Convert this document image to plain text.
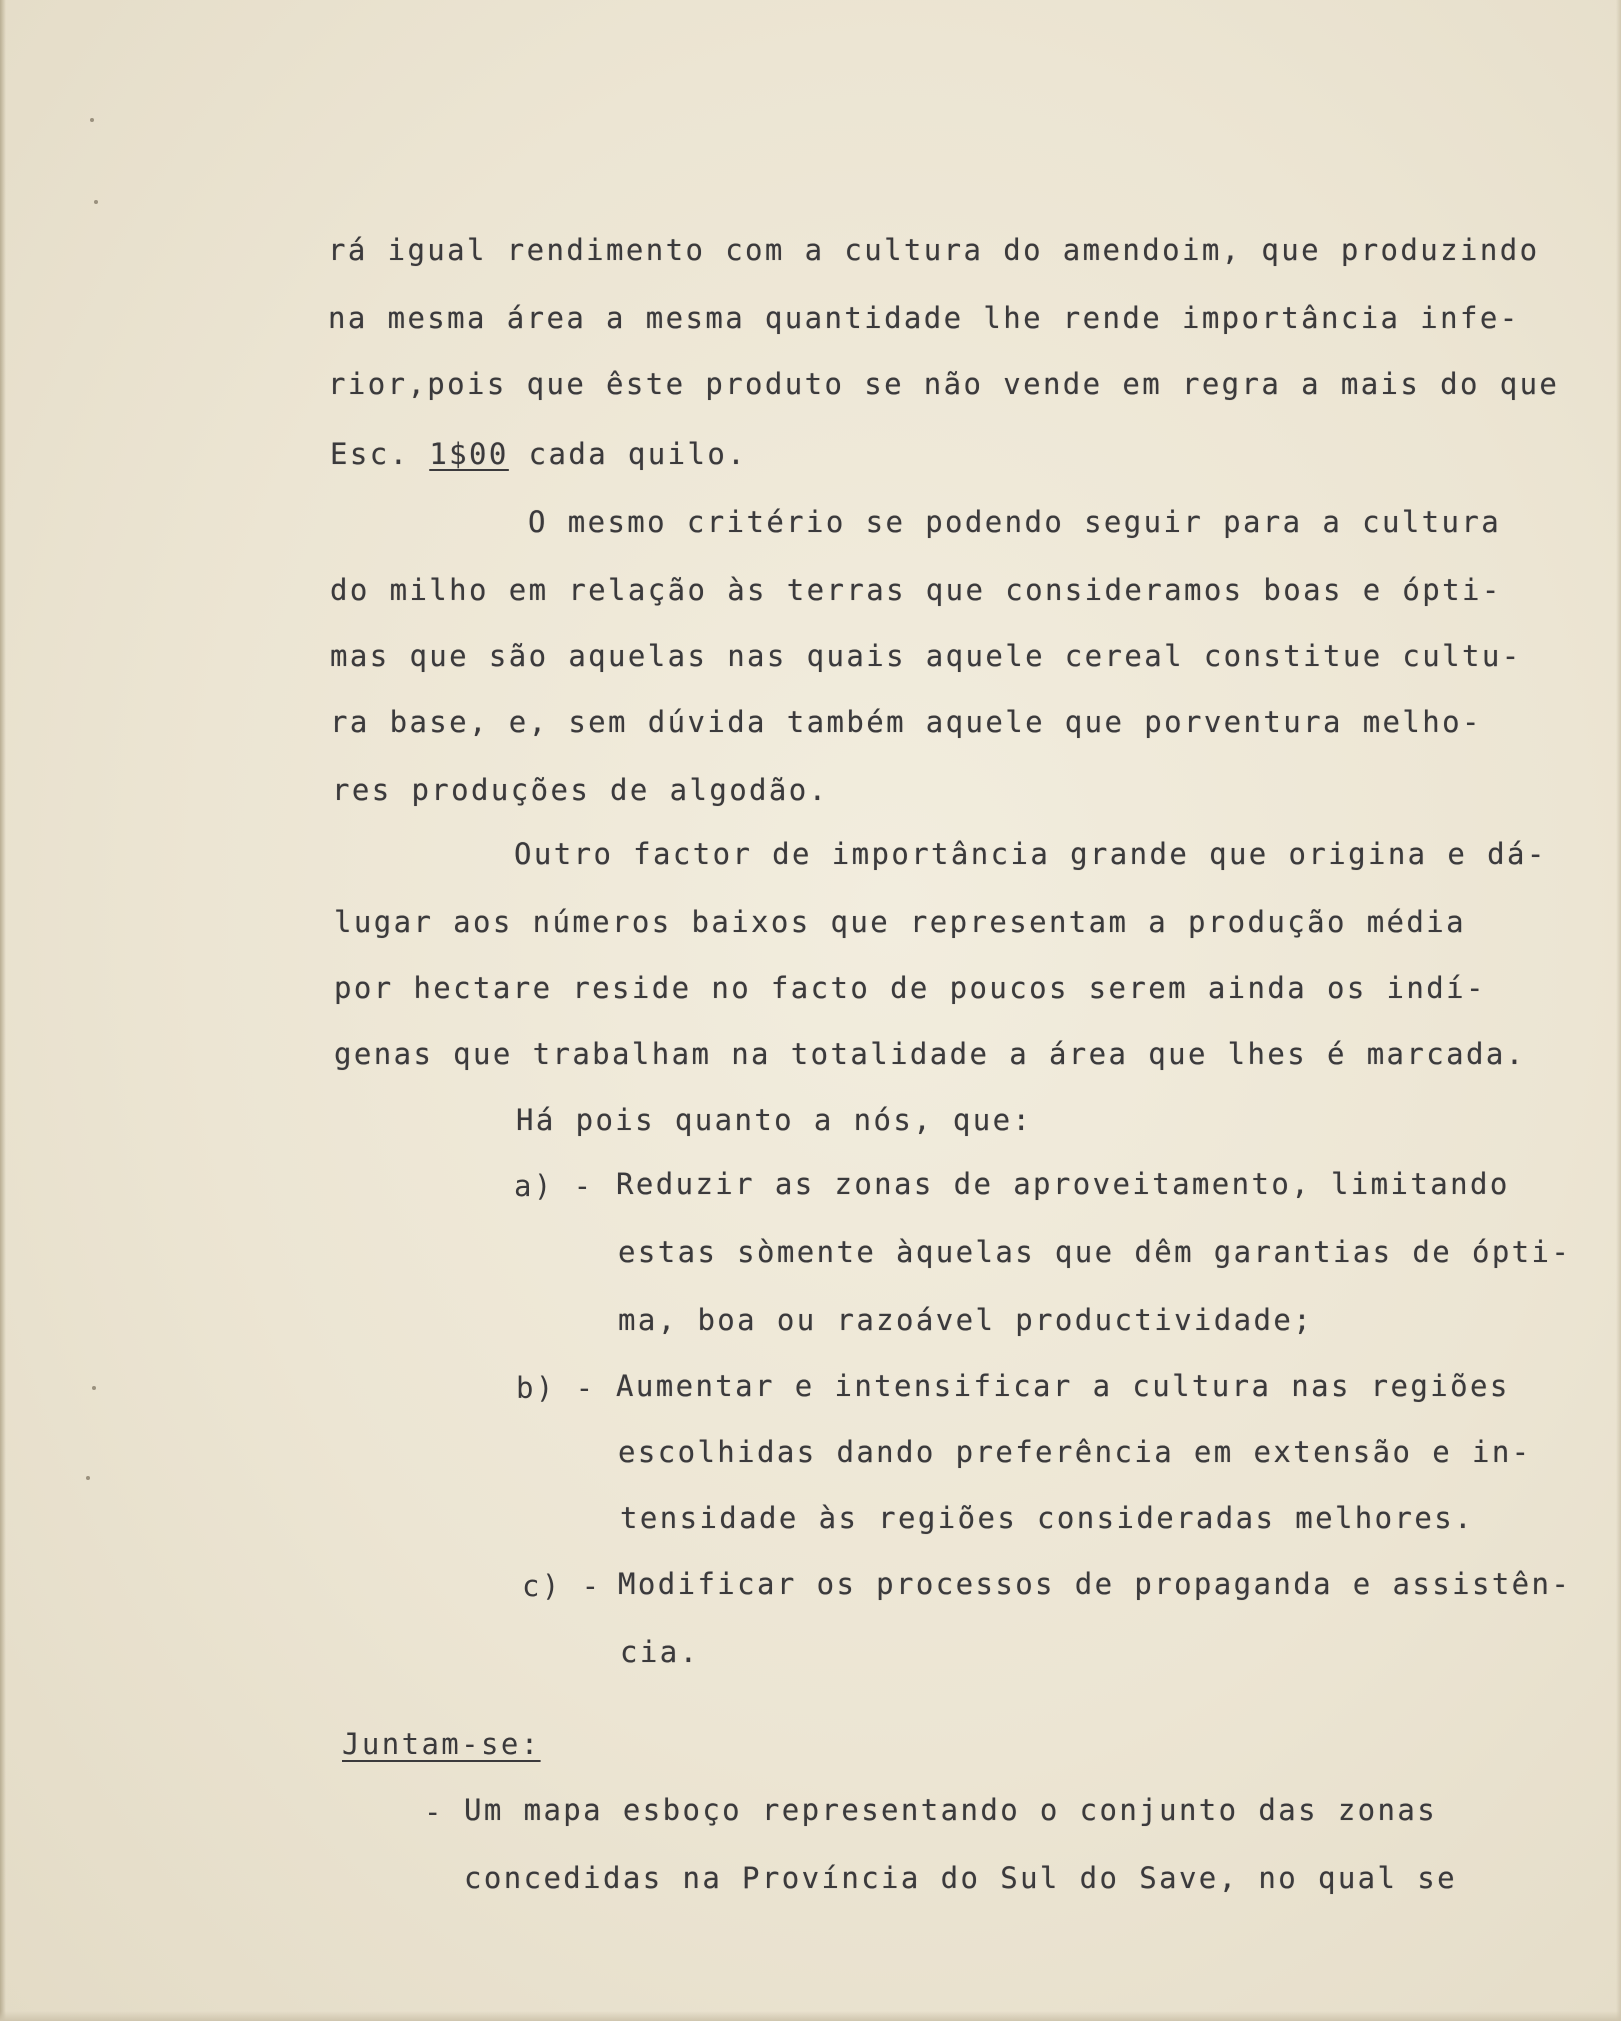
rá igual rendimento com a cultura do amendoim, que produzindo

na mesma área a mesma quantidade lhe rende importância infe-

rior,pois que êste produto se não vende em regra a mais do que

Esc. 1$00 cada quilo.

O mesmo critério se podendo seguir para a cultura

do milho em relação às terras que consideramos boas e ópti-

mas que são aquelas nas quais aquele cereal constitue cultu-

ra base, e, sem dúvida também aquele que porventura melho-

res produções de algodão.

Outro factor de importância grande que origina e dá-

lugar aos números baixos que representam a produção média

por hectare reside no facto de poucos serem ainda os indí-

genas que trabalham na totalidade a área que lhes é marcada.

Há pois quanto a nós, que:

a) - Reduzir as zonas de aproveitamento, limitando

estas sòmente àquelas que dêm garantias de ópti-

ma, boa ou razoável productividade;

b) - Aumentar e intensificar a cultura nas regiões

escolhidas dando preferência em extensão e in-

tensidade às regiões consideradas melhores.

c) - Modificar os processos de propaganda e assistên-

cia.

Juntam-se:

- Um mapa esboço representando o conjunto das zonas

concedidas na Província do Sul do Save, no qual se
